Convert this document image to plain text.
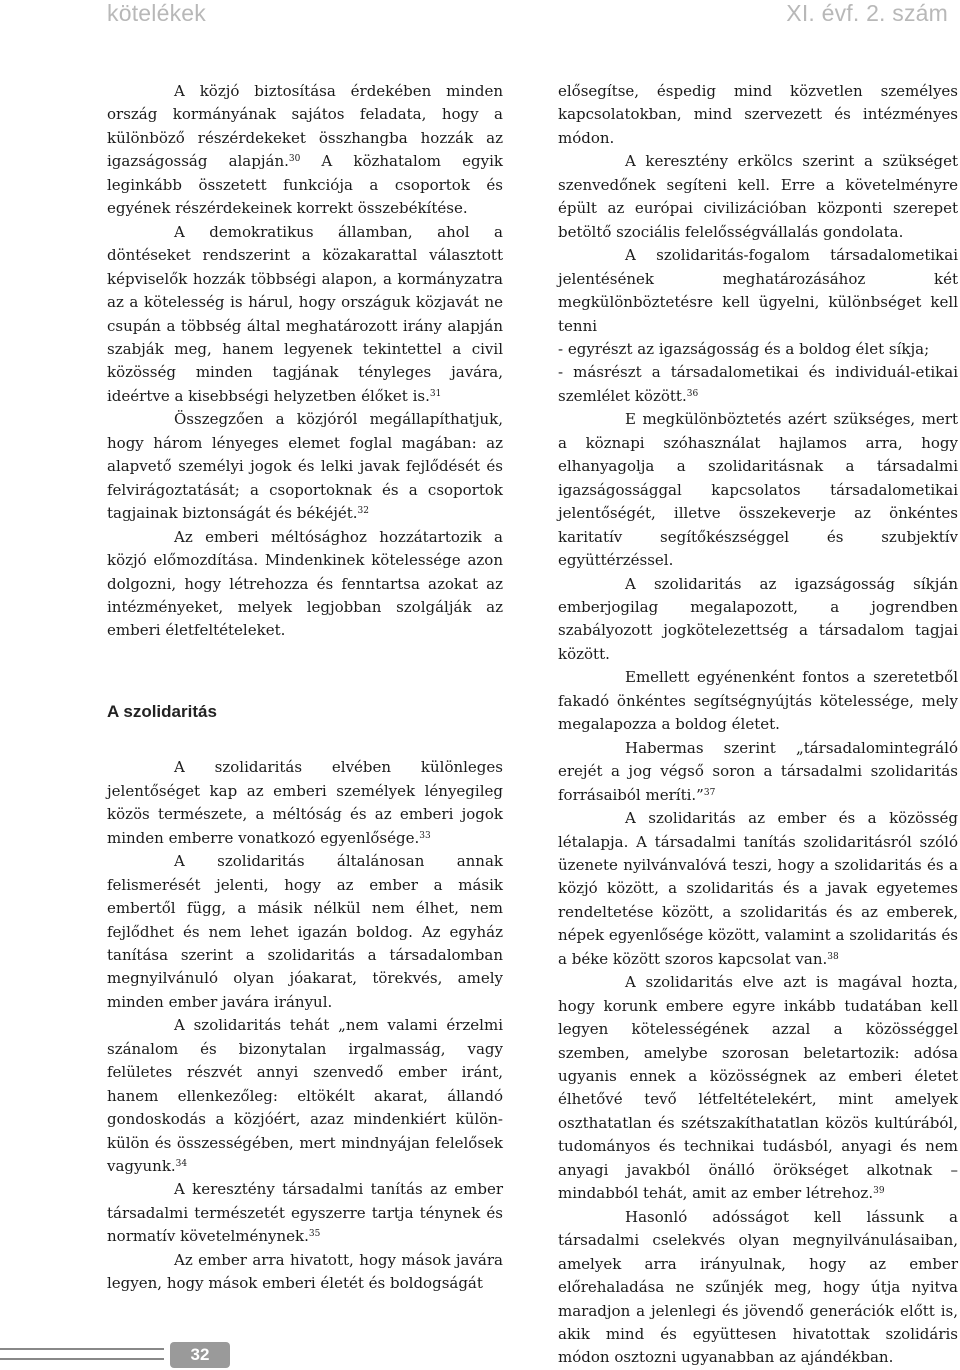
kötelékek	XI. évf. 2. szám

A közjó biztosítása érdekében minden ország kormányának sajátos feladata, hogy a különböző részérdekeket összhangba hozzák az igazságosság alapján.$^{30}$ A közhatalom egyik leginkább összetett funkciója a csoportok és egyének részérdekeinek korrekt összebékítése.

A demokratikus államban, ahol a döntéseket rendszerint a közakarattal választott képviselők hozzák többségi alapon, a kormányzatra az a kötelesség is hárul, hogy országuk közjavát ne csupán a többség által meghatározott irány alapján szabják meg, hanem legyenek tekintettel a civil közösség minden tagjának tényleges javára, ideértve a kisebbségi helyzetben élőket is.$^{31}$

Összegzően a közjóról megállapíthatjuk, hogy három lényeges elemet foglal magában: az alapvető személyi jogok és lelki javak fejlődését és felvirágoztatását; a csoportoknak és a csoportok tagjainak biztonságát és békéjét.$^{32}$

Az emberi méltósághoz hozzátartozik a közjó előmozdítása. Mindenkinek kötelessége azon dolgozni, hogy létrehozza és fenntartsa azokat az intézményeket, melyek legjobban szolgálják az emberi életfeltételeket.

A szolidaritás

A szolidaritás elvében különleges jelentőséget kap az emberi személyek lényegileg közös természete, a méltóság és az emberi jogok minden emberre vonatkozó egyenlősége.$^{33}$

A szolidaritás általánosan annak felismerését jelenti, hogy az ember a másik embertől függ, a másik nélkül nem élhet, nem fejlődhet és nem lehet igazán boldog. Az egyház tanítása szerint a szolidaritás a társadalomban megnyilvánuló olyan jóakarat, törekvés, amely minden ember javára irányul.

A szolidaritás tehát „nem valami érzelmi szánalom és bizonytalan irgalmasság, vagy felületes részvét annyi szenvedő ember iránt, hanem ellenkezőleg: eltökélt akarat, állandó gondoskodás a közjóért, azaz mindenkiért külön-külön és összességében, mert mindnyájan felelősek vagyunk.$^{34}$

A keresztény társadalmi tanítás az ember társadalmi természetét egyszerre tartja ténynek és normatív követelménynek.$^{35}$

Az ember arra hivatott, hogy mások javára legyen, hogy mások emberi életét és boldogságát

elősegítse, éspedig mind közvetlen személyes kapcsolatokban, mind szervezett és intézményes módon.

A keresztény erkölcs szerint a szükséget szenvedőnek segíteni kell. Erre a követelményre épült az európai civilizációban központi szerepet betöltő szociális felelősségvállalás gondolata.

A szolidaritás-fogalom társadalometikai jelentésének meghatározásához két megkülönböztetésre kell ügyelni, különbséget kell tenni

- egyrészt az igazságosság és a boldog élet síkja;

- másrészt a társadalometikai és individuál-etikai szemlélet között.$^{36}$

E megkülönböztetés azért szükséges, mert a köznapi szóhasználat hajlamos arra, hogy elhanyagolja a szolidaritásnak a társadalmi igazságossággal kapcsolatos társadalometikai jelentőségét, illetve összekeverje az önkéntes karitatív segítőkészséggel és szubjektív együttérzéssel.

A szolidaritás az igazságosság síkján emberjogilag megalapozott, a jogrendben szabályozott jogkötelezettség a társadalom tagjai között.

Emellett egyénenként fontos a szeretetből fakadó önkéntes segítségnyújtás kötelessége, mely megalapozza a boldog életet.

Habermas szerint „társadalomintegráló erejét a jog végső soron a társadalmi szolidaritás forrásaiból meríti.”$^{37}$

A szolidaritás az ember és a közösség létalapja. A társadalmi tanítás szolidaritásról szóló üzenete nyilvánvalóvá teszi, hogy a szolidaritás és a közjó között, a szolidaritás és a javak egyetemes rendeltetése között, a szolidaritás és az emberek, népek egyenlősége között, valamint a szolidaritás és a béke között szoros kapcsolat van.$^{38}$

A szolidaritás elve azt is magával hozta, hogy korunk embere egyre inkább tudatában kell legyen kötelességének azzal a közösséggel szemben, amelybe szorosan beletartozik: adósa ugyanis ennek a közösségnek az emberi életet élhetővé tevő létfeltételekért, mint amelyek oszthatatlan és szétszakíthatatlan közös kultúrából, tudományos és technikai tudásból, anyagi és nem anyagi javakból önálló örökséget alkotnak – mindabból tehát, amit az ember létrehoz.$^{39}$

Hasonló adósságot kell lássunk a társadalmi cselekvés olyan megnyilvánulásaiban, amelyek arra irányulnak, hogy az ember előrehaladása ne szűnjék meg, hogy útja nyitva maradjon a jelenlegi és jövendő generációk előtt is, akik mind és együttesen hivatottak szolidáris módon osztozni ugyanabban az ajándékban.

32
